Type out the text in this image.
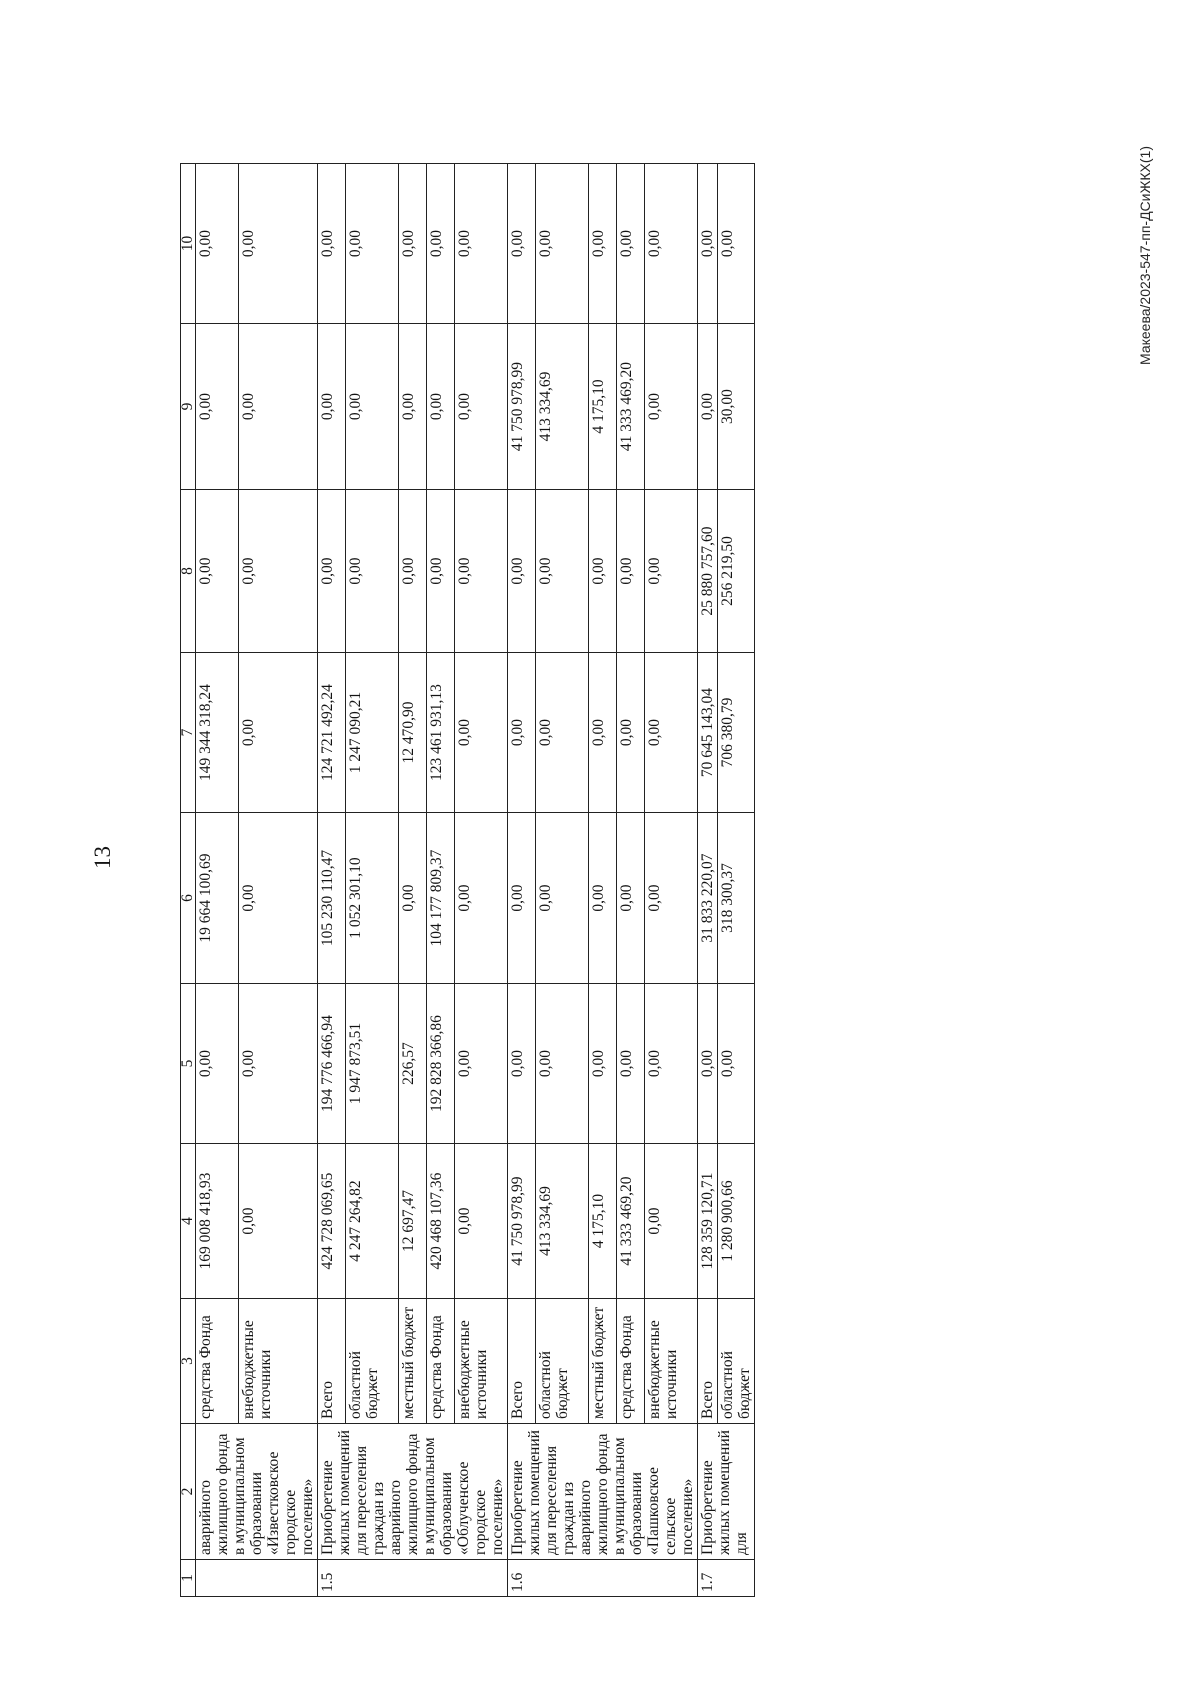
13
Макеева/2023-547-пп-ДСиЖКХ(1)
1	2	3	4	5	6	7	8	9	10
	аварийного жилищного фонда в муниципальном образовании «Известковское городское поселение»	средства Фонда	169 008 418,93	0,00	19 664 100,69	149 344 318,24	0,00	0,00	0,00
		внебюджетные источники	0,00	0,00	0,00	0,00	0,00	0,00	0,00
1.5	Приобретение жилых помещений для переселения граждан из аварийного жилищного фонда в муниципальном образовании «Облученское городское поселение»	Всего	424 728 069,65	194 776 466,94	105 230 110,47	124 721 492,24	0,00	0,00	0,00
		областной бюджет	4 247 264,82	1 947 873,51	1 052 301,10	1 247 090,21	0,00	0,00	0,00
		местный бюджет	12 697,47	226,57	0,00	12 470,90	0,00	0,00	0,00
		средства Фонда	420 468 107,36	192 828 366,86	104 177 809,37	123 461 931,13	0,00	0,00	0,00
		внебюджетные источники	0,00	0,00	0,00	0,00	0,00	0,00	0,00
1.6	Приобретение жилых помещений для переселения граждан из аварийного жилищного фонда в муниципальном образовании «Пашковское сельское поселение»	Всего	41 750 978,99	0,00	0,00	0,00	0,00	41 750 978,99	0,00
		областной бюджет	413 334,69	0,00	0,00	0,00	0,00	413 334,69	0,00
		местный бюджет	4 175,10	0,00	0,00	0,00	0,00	4 175,10	0,00
		средства Фонда	41 333 469,20	0,00	0,00	0,00	0,00	41 333 469,20	0,00
		внебюджетные источники	0,00	0,00	0,00	0,00	0,00	0,00	0,00
1.7	Приобретение жилых помещений для	Всего	128 359 120,71	0,00	31 833 220,07	70 645 143,04	25 880 757,60	0,00	0,00
		областной бюджет	1 280 900,66	0,00	318 300,37	706 380,79	256 219,50	30,00	0,00
